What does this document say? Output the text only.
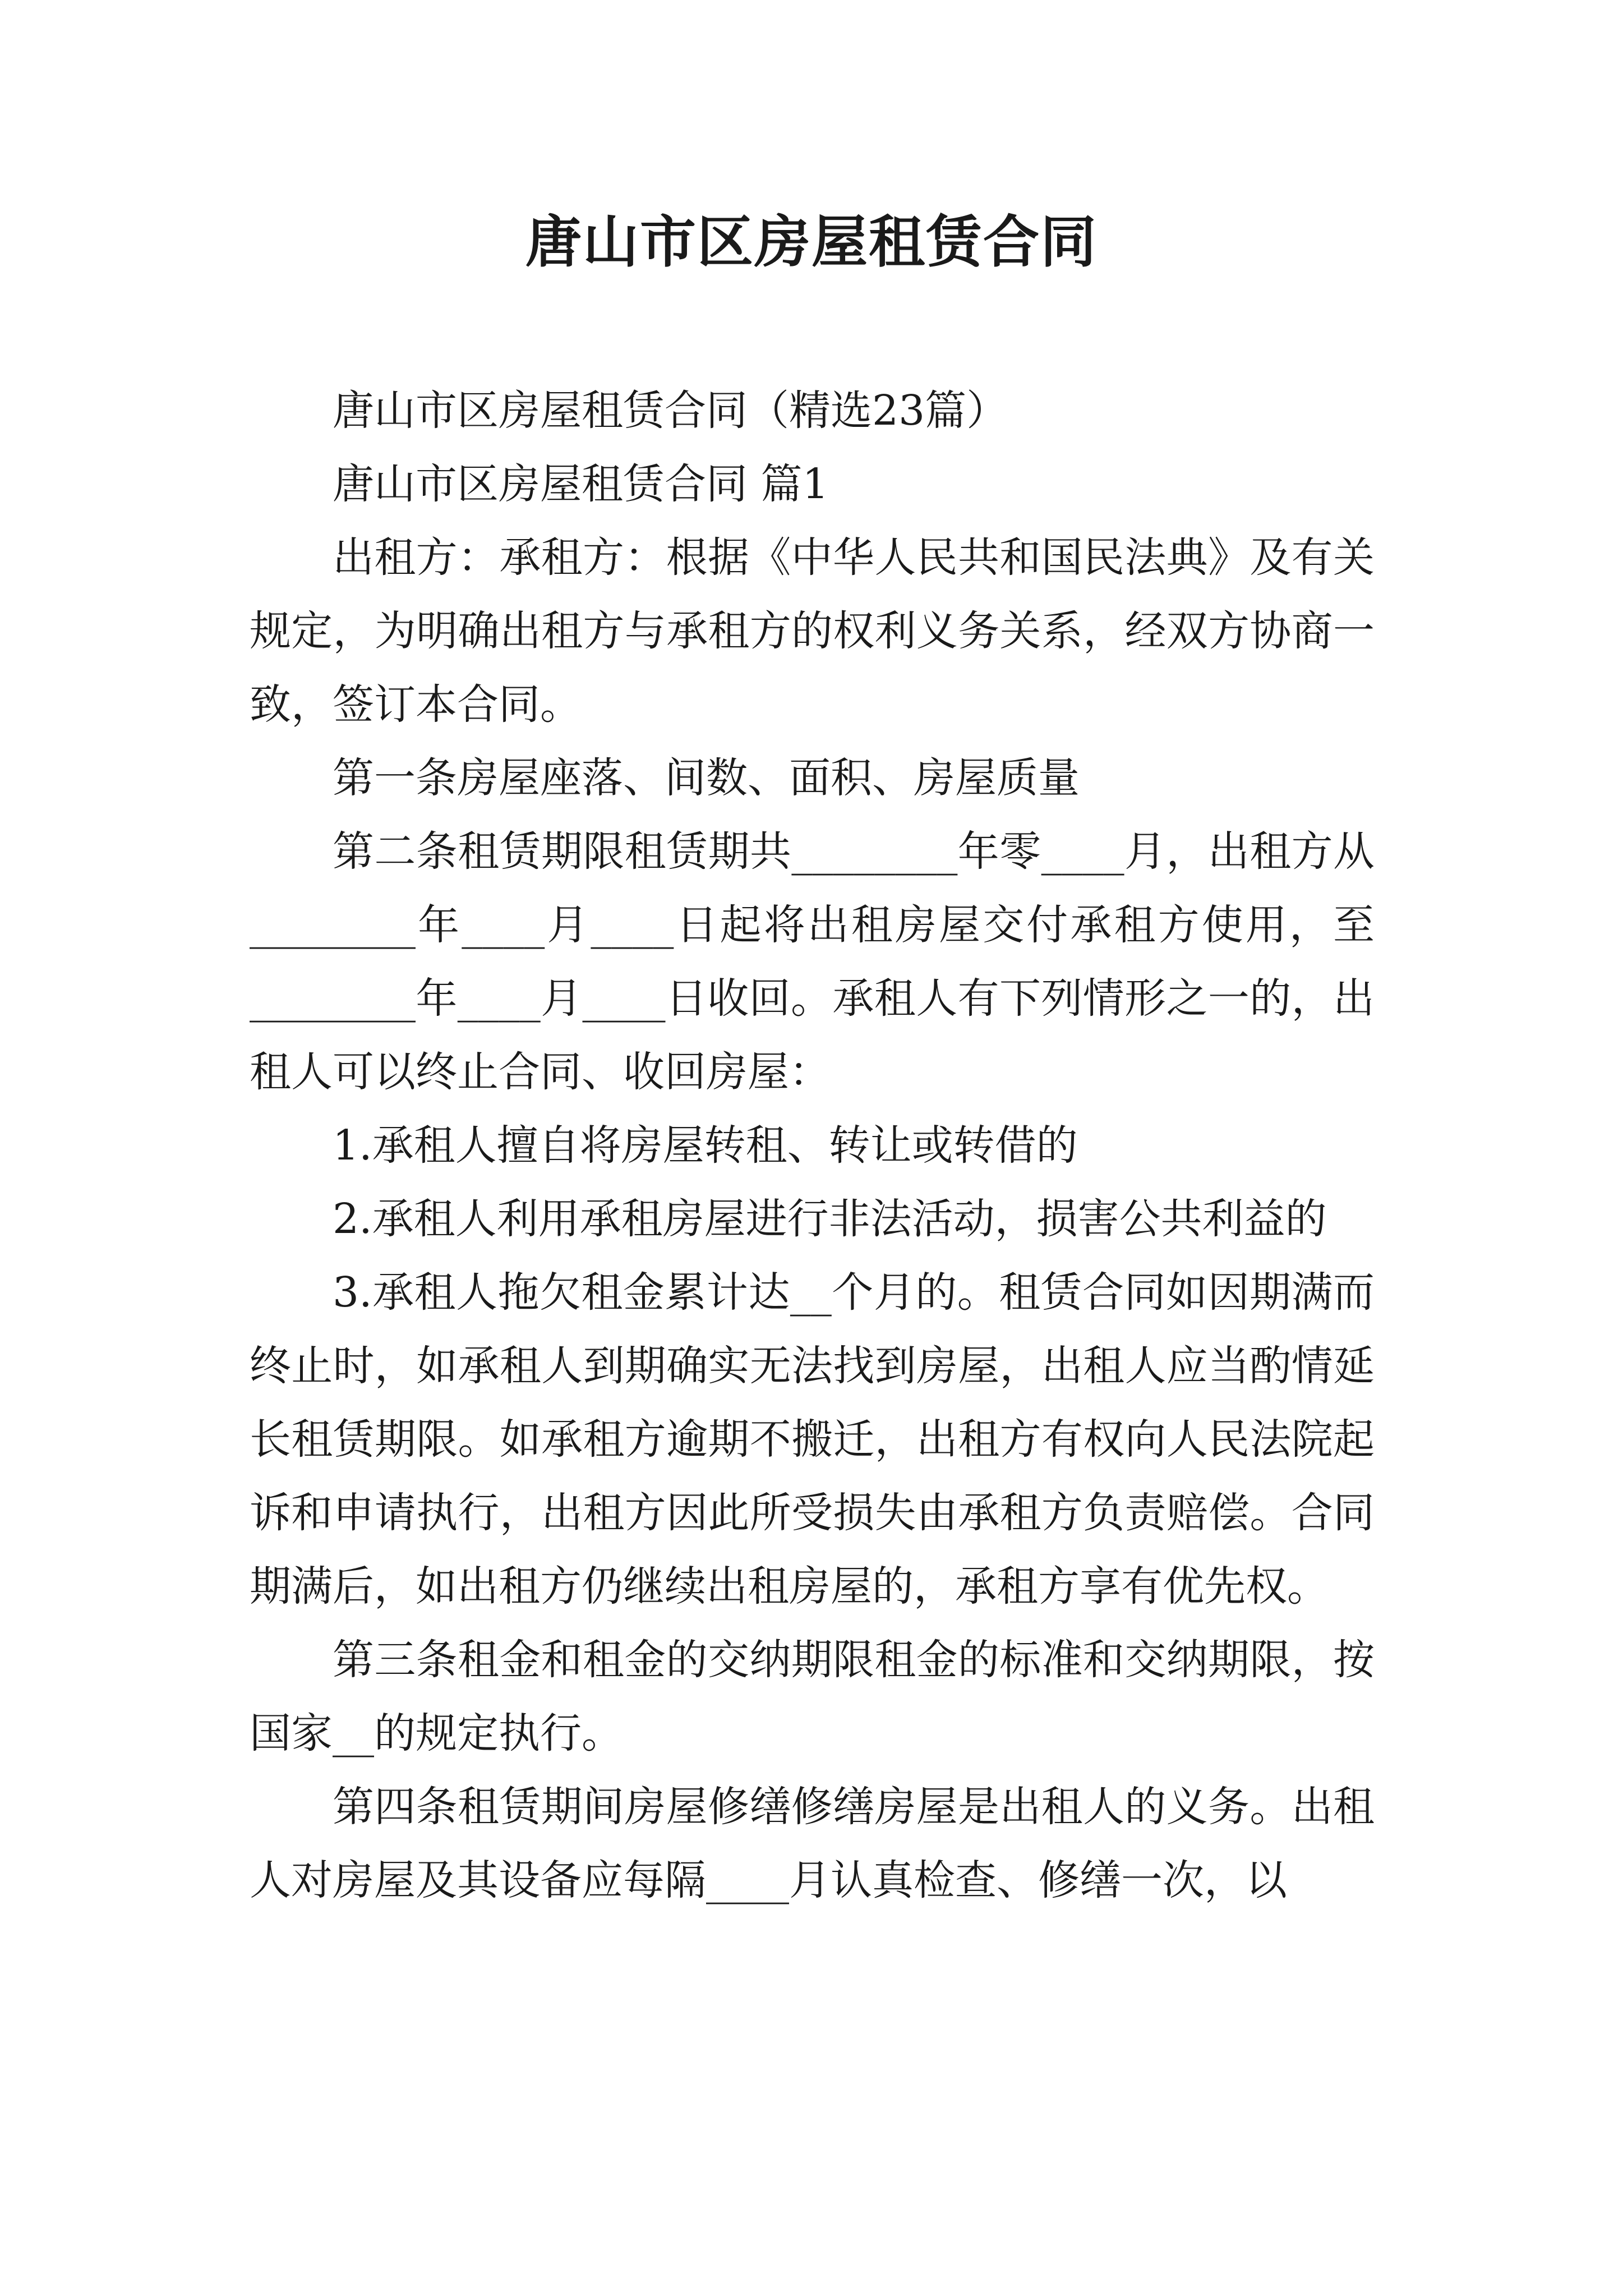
唐山市区房屋租赁合同

唐山市区房屋租赁合同（精选23篇）

唐山市区房屋租赁合同 篇1

出租方：承租方：根据《中华人民共和国民法典》及有关规定，为明确出租方与承租方的权利义务关系，经双方协商一致，签订本合同。

第一条房屋座落、间数、面积、房屋质量

第二条租赁期限租赁期共________年零____月，出租方从________年____月____日起将出租房屋交付承租方使用，至________年____月____日收回。承租人有下列情形之一的，出租人可以终止合同、收回房屋：

1.承租人擅自将房屋转租、转让或转借的

2.承租人利用承租房屋进行非法活动，损害公共利益的

3.承租人拖欠租金累计达__个月的。租赁合同如因期满而终止时，如承租人到期确实无法找到房屋，出租人应当酌情延长租赁期限。如承租方逾期不搬迁，出租方有权向人民法院起诉和申请执行，出租方因此所受损失由承租方负责赔偿。合同期满后，如出租方仍继续出租房屋的，承租方享有优先权。

第三条租金和租金的交纳期限租金的标准和交纳期限，按国家__的规定执行。

第四条租赁期间房屋修缮修缮房屋是出租人的义务。出租人对房屋及其设备应每隔____月认真检查、修缮一次，以
